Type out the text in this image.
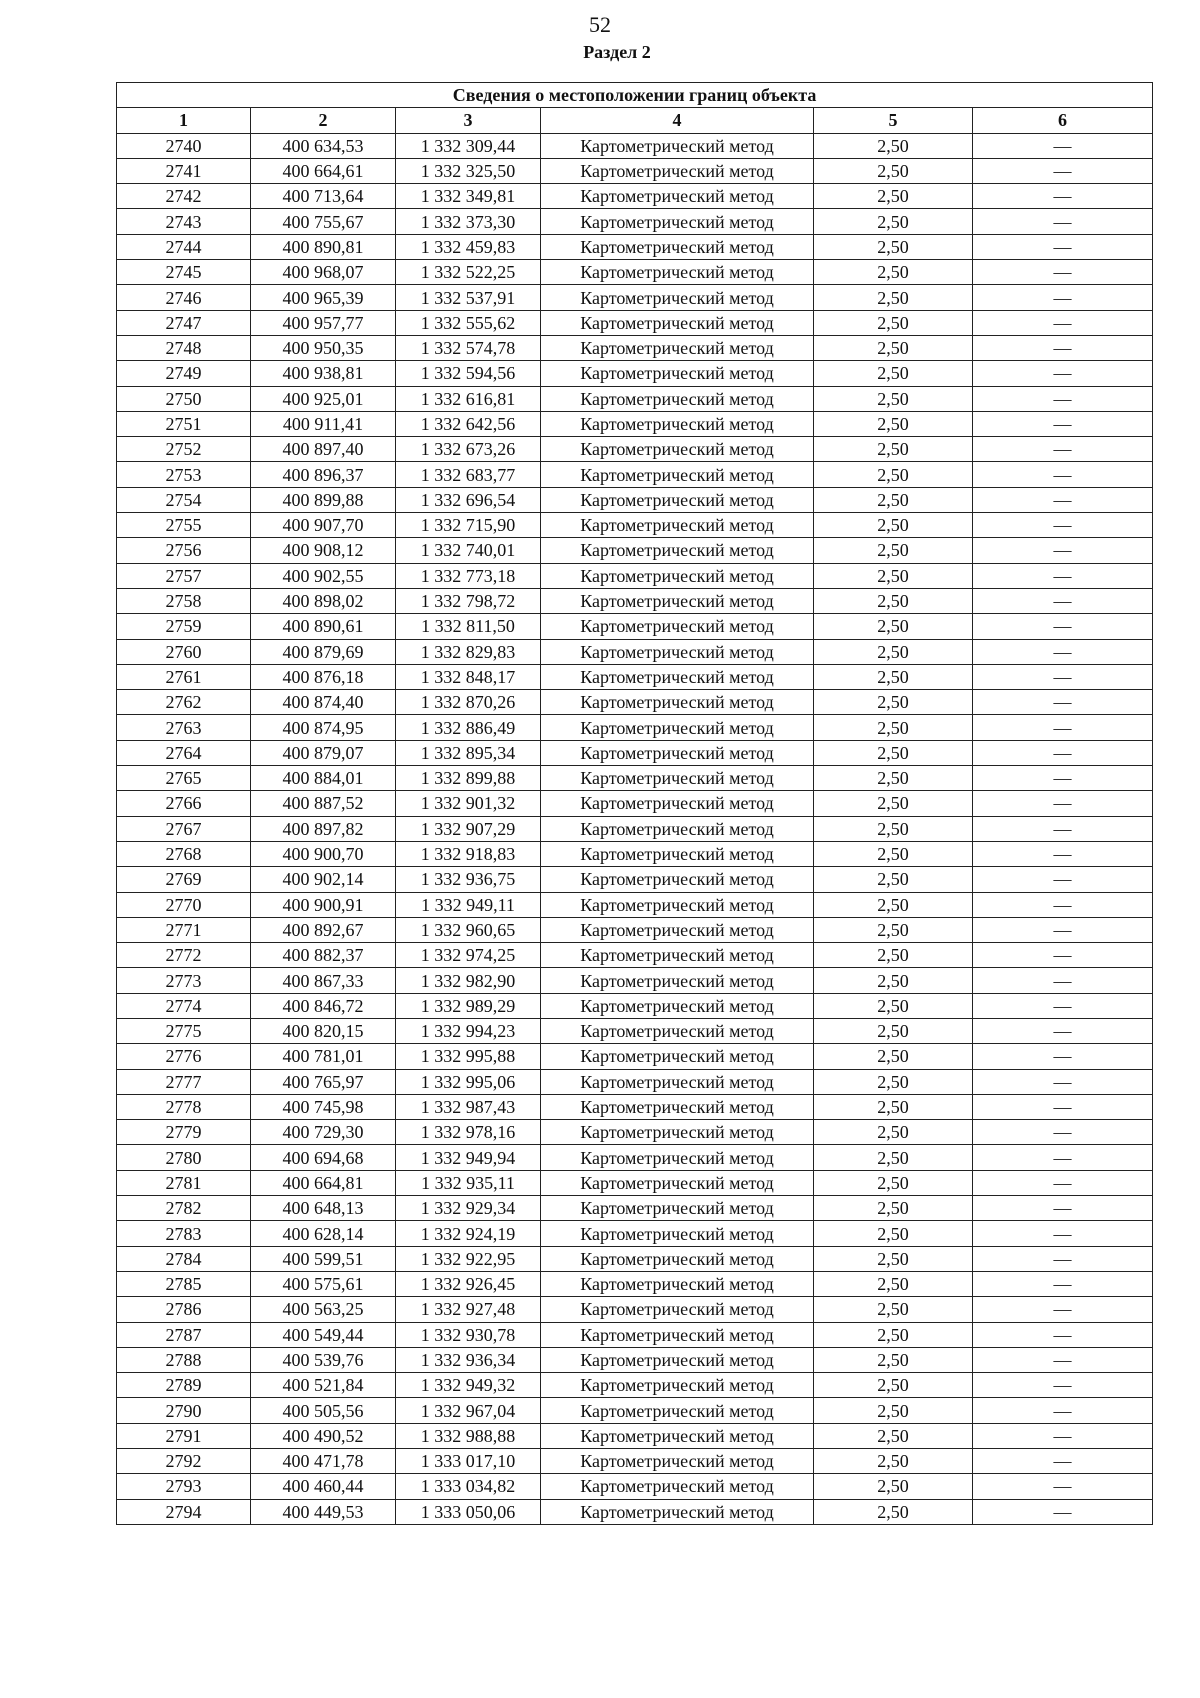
52
Раздел 2
Сведения о местоположении границ объекта					
1	2	3	4	5	6
2740	400 634,53	1 332 309,44	Картометрический метод	2,50	—
2741	400 664,61	1 332 325,50	Картометрический метод	2,50	—
2742	400 713,64	1 332 349,81	Картометрический метод	2,50	—
2743	400 755,67	1 332 373,30	Картометрический метод	2,50	—
2744	400 890,81	1 332 459,83	Картометрический метод	2,50	—
2745	400 968,07	1 332 522,25	Картометрический метод	2,50	—
2746	400 965,39	1 332 537,91	Картометрический метод	2,50	—
2747	400 957,77	1 332 555,62	Картометрический метод	2,50	—
2748	400 950,35	1 332 574,78	Картометрический метод	2,50	—
2749	400 938,81	1 332 594,56	Картометрический метод	2,50	—
2750	400 925,01	1 332 616,81	Картометрический метод	2,50	—
2751	400 911,41	1 332 642,56	Картометрический метод	2,50	—
2752	400 897,40	1 332 673,26	Картометрический метод	2,50	—
2753	400 896,37	1 332 683,77	Картометрический метод	2,50	—
2754	400 899,88	1 332 696,54	Картометрический метод	2,50	—
2755	400 907,70	1 332 715,90	Картометрический метод	2,50	—
2756	400 908,12	1 332 740,01	Картометрический метод	2,50	—
2757	400 902,55	1 332 773,18	Картометрический метод	2,50	—
2758	400 898,02	1 332 798,72	Картометрический метод	2,50	—
2759	400 890,61	1 332 811,50	Картометрический метод	2,50	—
2760	400 879,69	1 332 829,83	Картометрический метод	2,50	—
2761	400 876,18	1 332 848,17	Картометрический метод	2,50	—
2762	400 874,40	1 332 870,26	Картометрический метод	2,50	—
2763	400 874,95	1 332 886,49	Картометрический метод	2,50	—
2764	400 879,07	1 332 895,34	Картометрический метод	2,50	—
2765	400 884,01	1 332 899,88	Картометрический метод	2,50	—
2766	400 887,52	1 332 901,32	Картометрический метод	2,50	—
2767	400 897,82	1 332 907,29	Картометрический метод	2,50	—
2768	400 900,70	1 332 918,83	Картометрический метод	2,50	—
2769	400 902,14	1 332 936,75	Картометрический метод	2,50	—
2770	400 900,91	1 332 949,11	Картометрический метод	2,50	—
2771	400 892,67	1 332 960,65	Картометрический метод	2,50	—
2772	400 882,37	1 332 974,25	Картометрический метод	2,50	—
2773	400 867,33	1 332 982,90	Картометрический метод	2,50	—
2774	400 846,72	1 332 989,29	Картометрический метод	2,50	—
2775	400 820,15	1 332 994,23	Картометрический метод	2,50	—
2776	400 781,01	1 332 995,88	Картометрический метод	2,50	—
2777	400 765,97	1 332 995,06	Картометрический метод	2,50	—
2778	400 745,98	1 332 987,43	Картометрический метод	2,50	—
2779	400 729,30	1 332 978,16	Картометрический метод	2,50	—
2780	400 694,68	1 332 949,94	Картометрический метод	2,50	—
2781	400 664,81	1 332 935,11	Картометрический метод	2,50	—
2782	400 648,13	1 332 929,34	Картометрический метод	2,50	—
2783	400 628,14	1 332 924,19	Картометрический метод	2,50	—
2784	400 599,51	1 332 922,95	Картометрический метод	2,50	—
2785	400 575,61	1 332 926,45	Картометрический метод	2,50	—
2786	400 563,25	1 332 927,48	Картометрический метод	2,50	—
2787	400 549,44	1 332 930,78	Картометрический метод	2,50	—
2788	400 539,76	1 332 936,34	Картометрический метод	2,50	—
2789	400 521,84	1 332 949,32	Картометрический метод	2,50	—
2790	400 505,56	1 332 967,04	Картометрический метод	2,50	—
2791	400 490,52	1 332 988,88	Картометрический метод	2,50	—
2792	400 471,78	1 333 017,10	Картометрический метод	2,50	—
2793	400 460,44	1 333 034,82	Картометрический метод	2,50	—
2794	400 449,53	1 333 050,06	Картометрический метод	2,50	—
